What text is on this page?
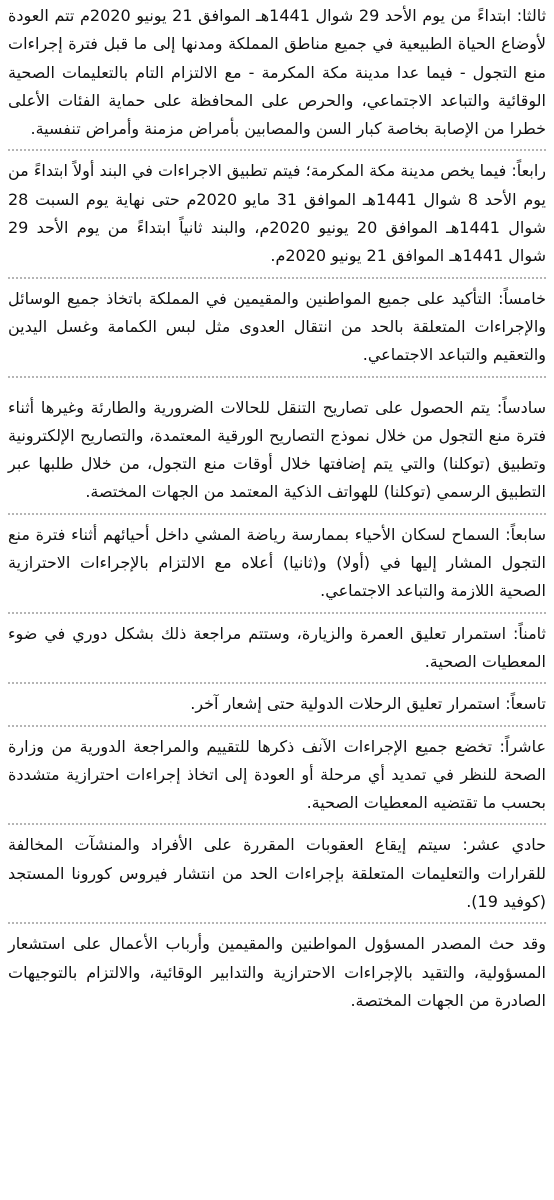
ثالثا: ابتداءً من يوم الأحد 29 شوال 1441هـ الموافق 21 يونيو 2020م تتم العودة لأوضاع الحياة الطبيعية في جميع مناطق المملكة ومدنها إلى ما قبل فترة إجراءات منع التجول - فيما عدا مدينة مكة المكرمة - مع الالتزام التام بالتعليمات الصحية الوقائية والتباعد الاجتماعي، والحرص على المحافظة على حماية الفئات الأعلى خطرا من الإصابة بخاصة كبار السن والمصابين بأمراض مزمنة وأمراض تنفسية.

رابعاً: فيما يخص مدينة مكة المكرمة؛ فيتم تطبيق الاجراءات في البند أولاً ابتداءً من يوم الأحد 8 شوال 1441هـ الموافق 31 مايو 2020م حتى نهاية يوم السبت 28 شوال 1441هـ الموافق 20 يونيو 2020م، والبند ثانياً ابتداءً من يوم الأحد 29 شوال 1441هـ الموافق 21 يونيو 2020م.

خامساً: التأكيد على جميع المواطنين والمقيمين في المملكة باتخاذ جميع الوسائل والإجراءات المتعلقة بالحد من انتقال العدوى مثل لبس الكمامة وغسل اليدين والتعقيم والتباعد الاجتماعي.

سادساً: يتم الحصول على تصاريح التنقل للحالات الضرورية والطارئة وغيرها أثناء فترة منع التجول من خلال نموذج التصاريح الورقية المعتمدة، والتصاريح الإلكترونية وتطبيق (توكلنا) والتي يتم إضافتها خلال أوقات منع التجول، من خلال طلبها عبر التطبيق الرسمي (توكلنا) للهواتف الذكية المعتمد من الجهات المختصة.

سابعاً: السماح لسكان الأحياء بممارسة رياضة المشي داخل أحيائهم أثناء فترة منع التجول المشار إليها في (أولا) و(ثانيا) أعلاه مع الالتزام بالإجراءات الاحترازية الصحية اللازمة والتباعد الاجتماعي.

ثامناً: استمرار تعليق العمرة والزيارة، وستتم مراجعة ذلك بشكل دوري في ضوء المعطيات الصحية.

تاسعاً: استمرار تعليق الرحلات الدولية حتى إشعار آخر.

عاشراً: تخضع جميع الإجراءات الآنف ذكرها للتقييم والمراجعة الدورية من وزارة الصحة للنظر في تمديد أي مرحلة أو العودة إلى اتخاذ إجراءات احترازية متشددة بحسب ما تقتضيه المعطيات الصحية.

حادي عشر: سيتم إيقاع العقوبات المقررة على الأفراد والمنشآت المخالفة للقرارات والتعليمات المتعلقة بإجراءات الحد من انتشار فيروس كورونا المستجد (كوفيد 19).

وقد حث المصدر المسؤول المواطنين والمقيمين وأرباب الأعمال على استشعار المسؤولية، والتقيد بالإجراءات الاحترازية والتدابير الوقائية، والالتزام بالتوجيهات الصادرة من الجهات المختصة.
